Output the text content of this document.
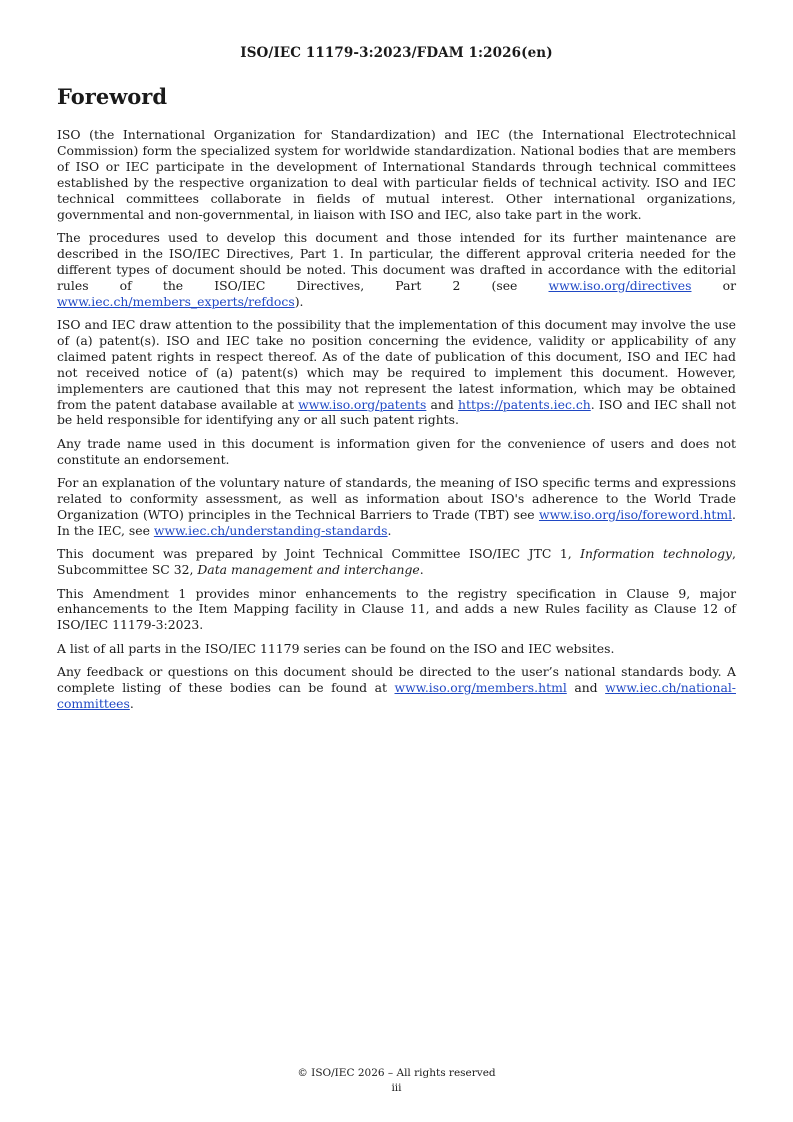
ISO/IEC 11179-3:2023/FDAM 1:2026(en)
Foreword

ISO (the International Organization for Standardization) and IEC (the International Electrotechnical Commission) form the specialized system for worldwide standardization. National bodies that are members of ISO or IEC participate in the development of International Standards through technical committees established by the respective organization to deal with particular fields of technical activity. ISO and IEC technical committees collaborate in fields of mutual interest. Other international organizations, governmental and non-governmental, in liaison with ISO and IEC, also take part in the work.

The procedures used to develop this document and those intended for its further maintenance are described in the ISO/IEC Directives, Part 1. In particular, the different approval criteria needed for the different types of document should be noted. This document was drafted in accordance with the editorial rules of the ISO/IEC Directives, Part 2 (see www.iso.org/directives or www.iec.ch/members_experts/refdocs).

ISO and IEC draw attention to the possibility that the implementation of this document may involve the use of (a) patent(s). ISO and IEC take no position concerning the evidence, validity or applicability of any claimed patent rights in respect thereof. As of the date of publication of this document, ISO and IEC had not received notice of (a) patent(s) which may be required to implement this document. However, implementers are cautioned that this may not represent the latest information, which may be obtained from the patent database available at www.iso.org/patents and https://patents.iec.ch. ISO and IEC shall not be held responsible for identifying any or all such patent rights.

Any trade name used in this document is information given for the convenience of users and does not constitute an endorsement.

For an explanation of the voluntary nature of standards, the meaning of ISO specific terms and expressions related to conformity assessment, as well as information about ISO's adherence to the World Trade Organization (WTO) principles in the Technical Barriers to Trade (TBT) see www.iso.org/iso/foreword.html. In the IEC, see www.iec.ch/understanding-standards.

This document was prepared by Joint Technical Committee ISO/IEC JTC 1, Information technology, Subcommittee SC 32, Data management and interchange.

This Amendment 1 provides minor enhancements to the registry specification in Clause 9, major enhancements to the Item Mapping facility in Clause 11, and adds a new Rules facility as Clause 12 of ISO/IEC 11179-3:2023.

A list of all parts in the ISO/IEC 11179 series can be found on the ISO and IEC websites.

Any feedback or questions on this document should be directed to the user’s national standards body. A complete listing of these bodies can be found at www.iso.org/members.html and www.iec.ch/national-committees.

© ISO/IEC 2026 – All rights reserved
iii
